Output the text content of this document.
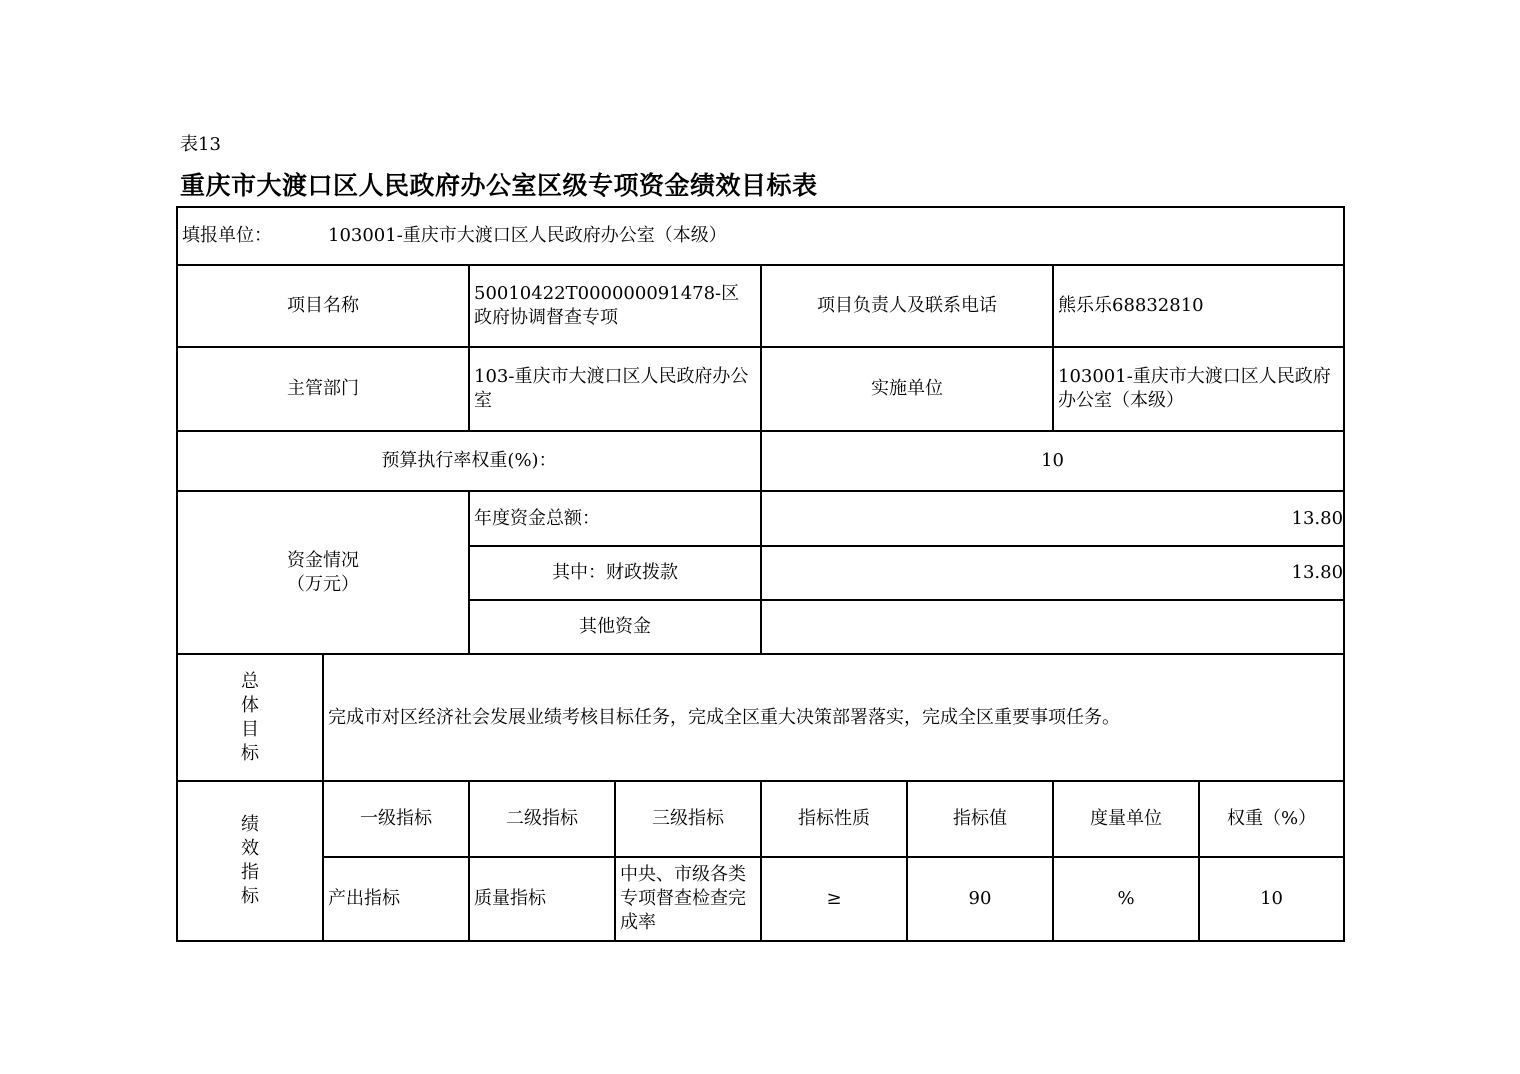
表13
重庆市大渡口区人民政府办公室区级专项资金绩效目标表
填报单位： 103001-重庆市大渡口区人民政府办公室（本级）							
项目名称		50010422T000000091478-区政府协调督查专项		项目负责人及联系电话		熊乐乐68832810	
主管部门		103-重庆市大渡口区人民政府办公室		实施单位		103001-重庆市大渡口区人民政府办公室（本级）	
预算执行率权重(%)：				10			
资金情况
（万元）		年度资金总额：		13.80			
		其中：财政拨款		13.80			
		其他资金					

总
体
目
标	完成市对区经济社会发展业绩考核目标任务，完成全区重大决策部署落实，完成全区重要事项任务。						

绩
效
指
标	一级指标	二级指标	三级指标	指标性质	指标值	度量单位	权重（%）
	产出指标	质量指标	中央、市级各类专项督查检查完成率	≥	90	%	10
